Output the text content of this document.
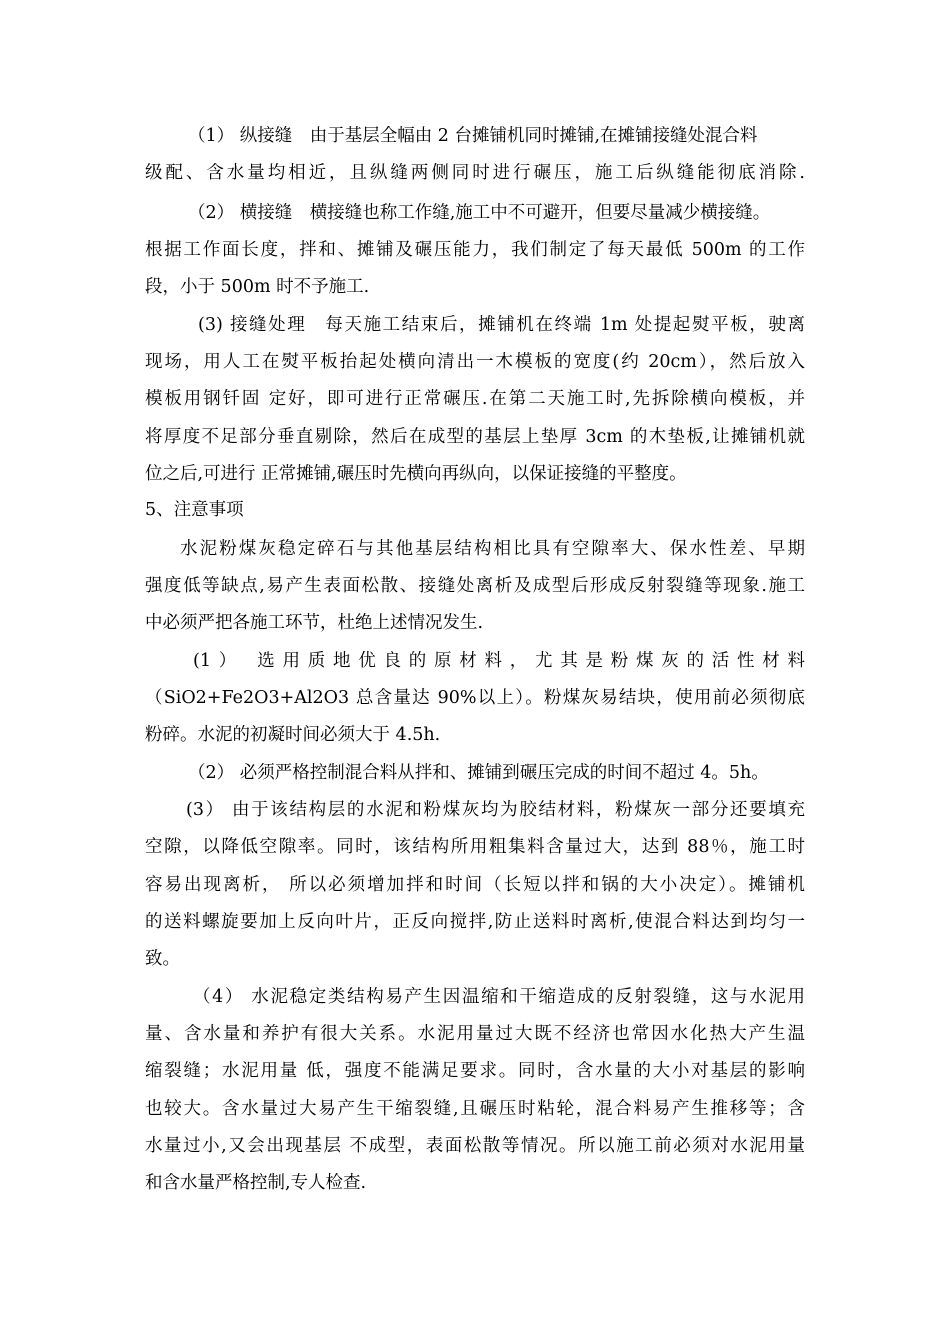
（1） 纵接缝　由于基层全幅由 2 台摊铺机同时摊铺,在摊铺接缝处混合料
级配、含水量均相近，且纵缝两侧同时进行碾压，施工后纵缝能彻底消除.
（2） 横接缝　横接缝也称工作缝,施工中不可避开，但要尽量减少横接缝。
根据工作面长度，拌和、摊铺及碾压能力，我们制定了每天最低 500m 的工作
段，小于 500m 时不予施工.
(3) 接缝处理　每天施工结束后，摊铺机在终端 1m 处提起熨平板，驶离
现场，用人工在熨平板抬起处横向清出一木模板的宽度(约 20cm），然后放入
模板用钢钎固 定好，即可进行正常碾压.在第二天施工时,先拆除横向模板，并
将厚度不足部分垂直剔除，然后在成型的基层上垫厚 3cm 的木垫板,让摊铺机就
位之后,可进行 正常摊铺,碾压时先横向再纵向，以保证接缝的平整度。
5、注意事项
水泥粉煤灰稳定碎石与其他基层结构相比具有空隙率大、保水性差、早期
强度低等缺点,易产生表面松散、接缝处离析及成型后形成反射裂缝等现象.施工
中必须严把各施工环节，杜绝上述情况发生.
(1） 选用质地优良的原材料，尤其是粉煤灰的活性材料
（SiO2+Fe2O3+Al2O3 总含量达 90%以上）。粉煤灰易结块，使用前必须彻底
粉碎。水泥的初凝时间必须大于 4.5h.
（2） 必须严格控制混合料从拌和、摊铺到碾压完成的时间不超过 4。5h。
(3） 由于该结构层的水泥和粉煤灰均为胶结材料，粉煤灰一部分还要填充
空隙，以降低空隙率。同时，该结构所用粗集料含量过大，达到 88％，施工时
容易出现离析， 所以必须增加拌和时间（长短以拌和锅的大小决定）。摊铺机
的送料螺旋要加上反向叶片，正反向搅拌,防止送料时离析,使混合料达到均匀一
致。
（4） 水泥稳定类结构易产生因温缩和干缩造成的反射裂缝，这与水泥用
量、含水量和养护有很大关系。水泥用量过大既不经济也常因水化热大产生温
缩裂缝；水泥用量 低，强度不能满足要求。同时，含水量的大小对基层的影响
也较大。含水量过大易产生干缩裂缝,且碾压时粘轮，混合料易产生推移等；含
水量过小,又会出现基层 不成型，表面松散等情况。所以施工前必须对水泥用量
和含水量严格控制,专人检查.
